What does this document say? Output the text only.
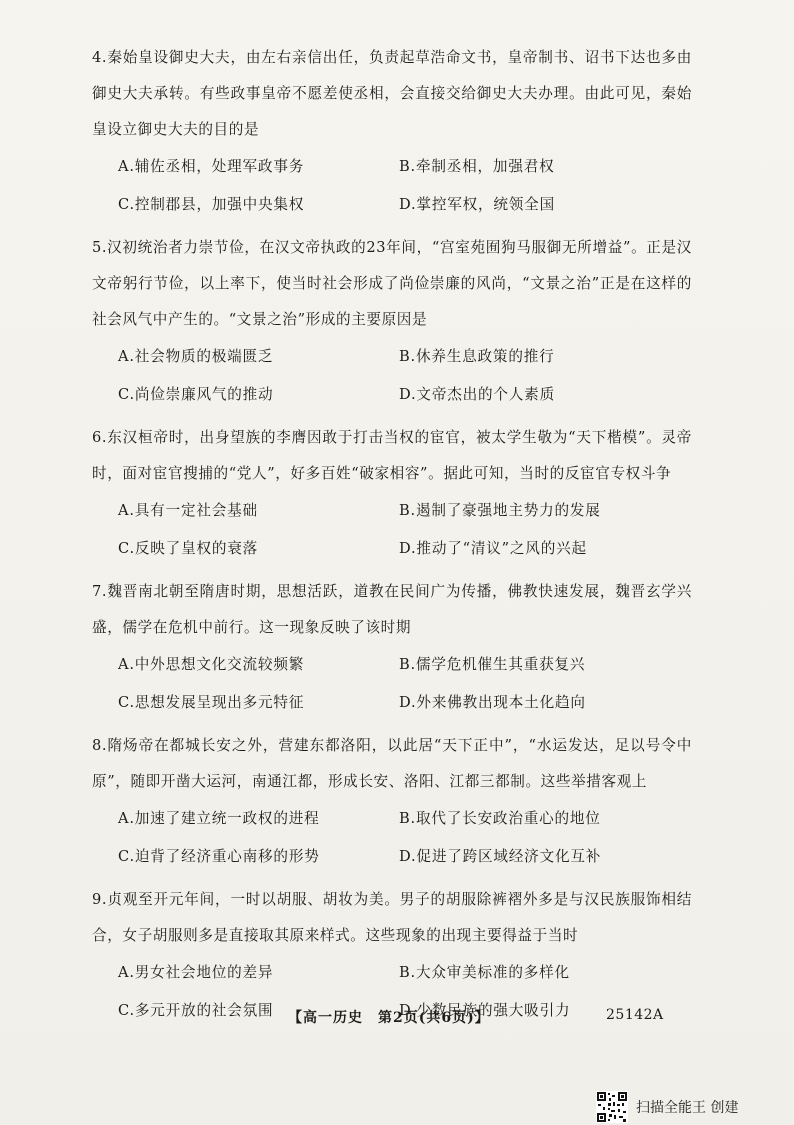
4.秦始皇设御史大夫，由左右亲信出任，负责起草浩命文书，皇帝制书、诏书下达也多由御史大夫承转。有些政事皇帝不愿差使丞相，会直接交给御史大夫办理。由此可见，秦始皇设立御史大夫的目的是

A.辅佐丞相，处理军政事务	B.牵制丞相，加强君权
C.控制郡县，加强中央集权	D.掌控军权，统领全国

5.汉初统治者力崇节俭，在汉文帝执政的23年间，“宫室苑囿狗马服御无所增益”。正是汉文帝躬行节俭，以上率下，使当时社会形成了尚俭崇廉的风尚，“文景之治”正是在这样的社会风气中产生的。“文景之治”形成的主要原因是

A.社会物质的极端匮乏	B.休养生息政策的推行
C.尚俭崇廉风气的推动	D.文帝杰出的个人素质

6.东汉桓帝时，出身望族的李膺因敢于打击当权的宦官，被太学生敬为“天下楷模”。灵帝时，面对宦官搜捕的“党人”，好多百姓“破家相容”。据此可知，当时的反宦官专权斗争

A.具有一定社会基础	B.遏制了豪强地主势力的发展
C.反映了皇权的衰落	D.推动了“清议”之风的兴起

7.魏晋南北朝至隋唐时期，思想活跃，道教在民间广为传播，佛教快速发展，魏晋玄学兴盛，儒学在危机中前行。这一现象反映了该时期

A.中外思想文化交流较频繁	B.儒学危机催生其重获复兴
C.思想发展呈现出多元特征	D.外来佛教出现本土化趋向

8.隋炀帝在都城长安之外，营建东都洛阳，以此居“天下正中”，“水运发达，足以号令中原”，随即开凿大运河，南通江都，形成长安、洛阳、江都三都制。这些举措客观上

A.加速了建立统一政权的进程	B.取代了长安政治重心的地位
C.迫背了经济重心南移的形势	D.促进了跨区域经济文化互补

9.贞观至开元年间，一时以胡服、胡妆为美。男子的胡服除裤褶外多是与汉民族服饰相结合，女子胡服则多是直接取其原来样式。这些现象的出现主要得益于当时

A.男女社会地位的差异	B.大众审美标准的多样化
C.多元开放的社会氛围	D.少数民族的强大吸引力
【高一历史　第2页(共6页)】	25142A
扫描全能王 创建
